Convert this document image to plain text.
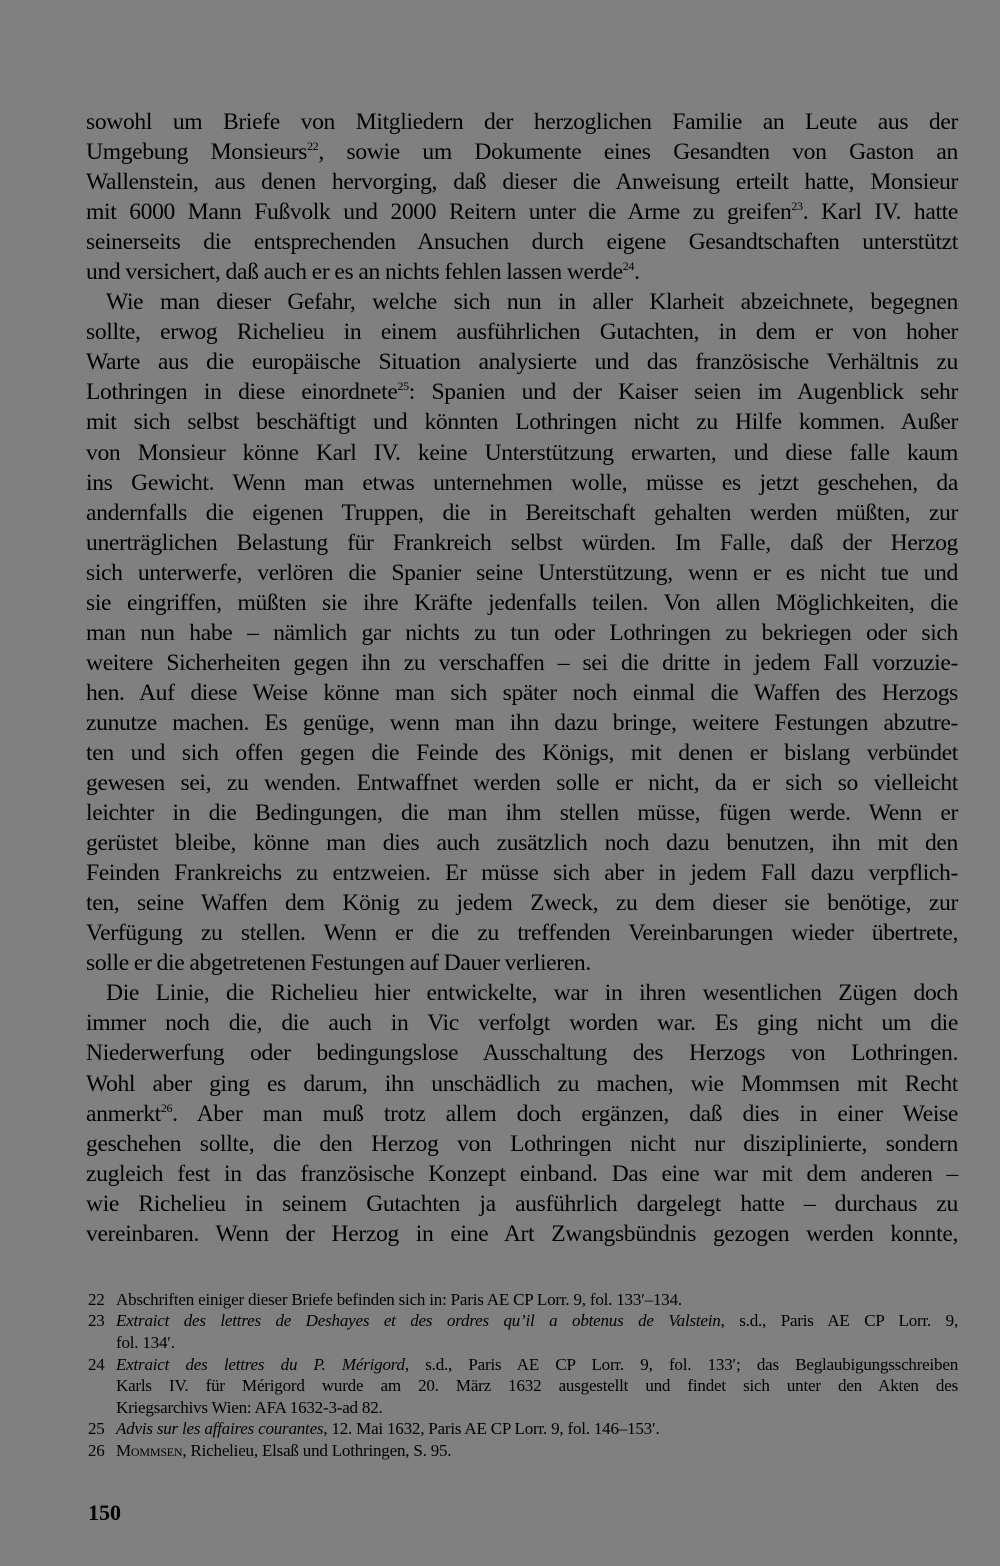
sowohl um Briefe von Mitgliedern der herzoglichen Familie an Leute aus der
Umgebung Monsieurs$^{22}$, sowie um Dokumente eines Gesandten von Gaston an
Wallenstein, aus denen hervorging, daß dieser die Anweisung erteilt hatte, Monsieur
mit 6000 Mann Fußvolk und 2000 Reitern unter die Arme zu greifen$^{23}$. Karl IV. hatte
seinerseits die entsprechenden Ansuchen durch eigene Gesandtschaften unterstützt
und versichert, daß auch er es an nichts fehlen lassen werde$^{24}$.
Wie man dieser Gefahr, welche sich nun in aller Klarheit abzeichnete, begegnen
sollte, erwog Richelieu in einem ausführlichen Gutachten, in dem er von hoher
Warte aus die europäische Situation analysierte und das französische Verhältnis zu
Lothringen in diese einordnete$^{25}$: Spanien und der Kaiser seien im Augenblick sehr
mit sich selbst beschäftigt und könnten Lothringen nicht zu Hilfe kommen. Außer
von Monsieur könne Karl IV. keine Unterstützung erwarten, und diese falle kaum
ins Gewicht. Wenn man etwas unternehmen wolle, müsse es jetzt geschehen, da
andernfalls die eigenen Truppen, die in Bereitschaft gehalten werden müßten, zur
unerträglichen Belastung für Frankreich selbst würden. Im Falle, daß der Herzog
sich unterwerfe, verlören die Spanier seine Unterstützung, wenn er es nicht tue und
sie eingriffen, müßten sie ihre Kräfte jedenfalls teilen. Von allen Möglichkeiten, die
man nun habe – nämlich gar nichts zu tun oder Lothringen zu bekriegen oder sich
weitere Sicherheiten gegen ihn zu verschaffen – sei die dritte in jedem Fall vorzuzie-
hen. Auf diese Weise könne man sich später noch einmal die Waffen des Herzogs
zunutze machen. Es genüge, wenn man ihn dazu bringe, weitere Festungen abzutre-
ten und sich offen gegen die Feinde des Königs, mit denen er bislang verbündet
gewesen sei, zu wenden. Entwaffnet werden solle er nicht, da er sich so vielleicht
leichter in die Bedingungen, die man ihm stellen müsse, fügen werde. Wenn er
gerüstet bleibe, könne man dies auch zusätzlich noch dazu benutzen, ihn mit den
Feinden Frankreichs zu entzweien. Er müsse sich aber in jedem Fall dazu verpflich-
ten, seine Waffen dem König zu jedem Zweck, zu dem dieser sie benötige, zur
Verfügung zu stellen. Wenn er die zu treffenden Vereinbarungen wieder übertrete,
solle er die abgetretenen Festungen auf Dauer verlieren.
Die Linie, die Richelieu hier entwickelte, war in ihren wesentlichen Zügen doch
immer noch die, die auch in Vic verfolgt worden war. Es ging nicht um die
Niederwerfung oder bedingungslose Ausschaltung des Herzogs von Lothringen.
Wohl aber ging es darum, ihn unschädlich zu machen, wie Mommsen mit Recht
anmerkt$^{26}$. Aber man muß trotz allem doch ergänzen, daß dies in einer Weise
geschehen sollte, die den Herzog von Lothringen nicht nur disziplinierte, sondern
zugleich fest in das französische Konzept einband. Das eine war mit dem anderen –
wie Richelieu in seinem Gutachten ja ausführlich dargelegt hatte – durchaus zu
vereinbaren. Wenn der Herzog in eine Art Zwangsbündnis gezogen werden konnte,
22 Abschriften einiger dieser Briefe befinden sich in: Paris AE CP Lorr. 9, fol. 133′–134.
23 Extraict des lettres de Deshayes et des ordres qu’il a obtenus de Valstein, s.d., Paris AE CP Lorr. 9,
fol. 134′.
24 Extraict des lettres du P. Mérigord, s.d., Paris AE CP Lorr. 9, fol. 133′; das Beglaubigungsschreiben
Karls IV. für Mérigord wurde am 20. März 1632 ausgestellt und findet sich unter den Akten des
Kriegsarchivs Wien: AFA 1632-3-ad 82.
25 Advis sur les affaires courantes, 12. Mai 1632, Paris AE CP Lorr. 9, fol. 146–153′.
26 Mommsen, Richelieu, Elsaß und Lothringen, S. 95.
150
